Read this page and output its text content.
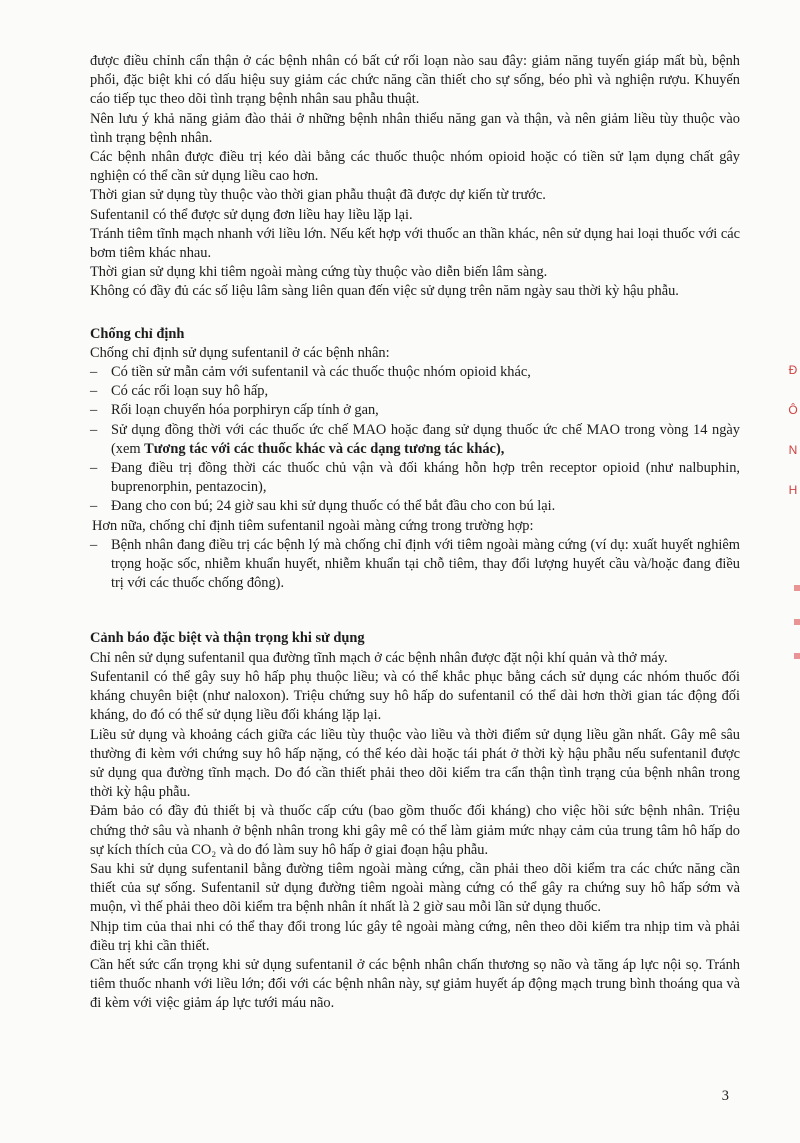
được điều chỉnh cẩn thận ở các bệnh nhân có bất cứ rối loạn nào sau đây: giảm năng tuyến giáp mất bù, bệnh phổi, đặc biệt khi có dấu hiệu suy giảm các chức năng cần thiết cho sự sống, béo phì và nghiện rượu. Khuyến cáo tiếp tục theo dõi tình trạng bệnh nhân sau phẫu thuật.

Nên lưu ý khả năng giảm đào thải ở những bệnh nhân thiểu năng gan và thận, và nên giảm liều tùy thuộc vào tình trạng bệnh nhân.

Các bệnh nhân được điều trị kéo dài bằng các thuốc thuộc nhóm opioid hoặc có tiền sử lạm dụng chất gây nghiện có thể cần sử dụng liều cao hơn.

Thời gian sử dụng tùy thuộc vào thời gian phẫu thuật đã được dự kiến từ trước.

Sufentanil có thể được sử dụng đơn liều hay liều lặp lại.

Tránh tiêm tĩnh mạch nhanh với liều lớn. Nếu kết hợp với thuốc an thần khác, nên sử dụng hai loại thuốc với các bơm tiêm khác nhau.

Thời gian sử dụng khi tiêm ngoài màng cứng tùy thuộc vào diễn biến lâm sàng.

Không có đầy đủ các số liệu lâm sàng liên quan đến việc sử dụng trên năm ngày sau thời kỳ hậu phẫu.

Chống chỉ định

Chống chỉ định sử dụng sufentanil ở các bệnh nhân:

– Có tiền sử mẫn cảm với sufentanil và các thuốc thuộc nhóm opioid khác,
– Có các rối loạn suy hô hấp,
– Rối loạn chuyển hóa porphiryn cấp tính ở gan,
– Sử dụng đồng thời với các thuốc ức chế MAO hoặc đang sử dụng thuốc ức chế MAO trong vòng 14 ngày (xem Tương tác với các thuốc khác và các dạng tương tác khác),
– Đang điều trị đồng thời các thuốc chủ vận và đối kháng hỗn hợp trên receptor opioid (như nalbuphin, buprenorphin, pentazocin),
– Đang cho con bú; 24 giờ sau khi sử dụng thuốc có thể bắt đầu cho con bú lại.

Hơn nữa, chống chỉ định tiêm sufentanil ngoài màng cứng trong trường hợp:

– Bệnh nhân đang điều trị các bệnh lý mà chống chỉ định với tiêm ngoài màng cứng (ví dụ: xuất huyết nghiêm trọng hoặc sốc, nhiễm khuẩn huyết, nhiễm khuẩn tại chỗ tiêm, thay đổi lượng huyết cầu và/hoặc đang điều trị với các thuốc chống đông).

Cảnh báo đặc biệt và thận trọng khi sử dụng

Chỉ nên sử dụng sufentanil qua đường tĩnh mạch ở các bệnh nhân được đặt nội khí quản và thở máy.

Sufentanil có thể gây suy hô hấp phụ thuộc liều; và có thể khắc phục bằng cách sử dụng các nhóm thuốc đối kháng chuyên biệt (như naloxon). Triệu chứng suy hô hấp do sufentanil có thể dài hơn thời gian tác động đối kháng, do đó có thể sử dụng liều đối kháng lặp lại.

Liều sử dụng và khoảng cách giữa các liều tùy thuộc vào liều và thời điểm sử dụng liều gần nhất. Gây mê sâu thường đi kèm với chứng suy hô hấp nặng, có thể kéo dài hoặc tái phát ở thời kỳ hậu phẫu nếu sufentanil được sử dụng qua đường tĩnh mạch. Do đó cần thiết phải theo dõi kiểm tra cẩn thận tình trạng của bệnh nhân trong thời kỳ hậu phẫu.

Đảm bảo có đầy đủ thiết bị và thuốc cấp cứu (bao gồm thuốc đối kháng) cho việc hồi sức bệnh nhân. Triệu chứng thở sâu và nhanh ở bệnh nhân trong khi gây mê có thể làm giảm mức nhạy cảm của trung tâm hô hấp do sự kích thích của CO₂ và do đó làm suy hô hấp ở giai đoạn hậu phẫu.

Sau khi sử dụng sufentanil bằng đường tiêm ngoài màng cứng, cần phải theo dõi kiểm tra các chức năng cần thiết của sự sống. Sufentanil sử dụng đường tiêm ngoài màng cứng có thể gây ra chứng suy hô hấp sớm và muộn, vì thế phải theo dõi kiểm tra bệnh nhân ít nhất là 2 giờ sau mỗi lần sử dụng thuốc.

Nhịp tim của thai nhi có thể thay đổi trong lúc gây tê ngoài màng cứng, nên theo dõi kiểm tra nhịp tim và phải điều trị khi cần thiết.

Cần hết sức cẩn trọng khi sử dụng sufentanil ở các bệnh nhân chấn thương sọ não và tăng áp lực nội sọ. Tránh tiêm thuốc nhanh với liều lớn; đối với các bệnh nhân này, sự giảm huyết áp động mạch trung bình thoáng qua và đi kèm với việc giảm áp lực tưới máu não.

3
Đ
Ô
N
H
